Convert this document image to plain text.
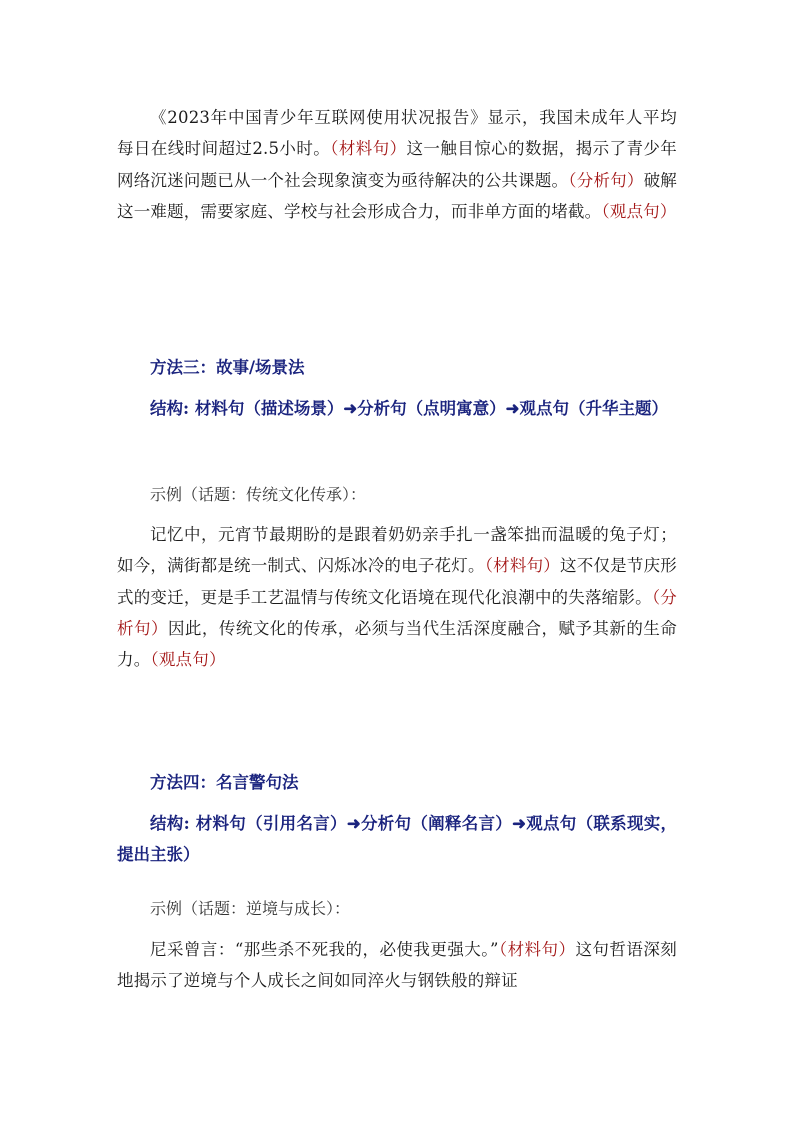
《2023年中国青少年互联网使用状况报告》显示，我国未成年人平均每日在线时间超过2.5小时。（材料句）这一触目惊心的数据，揭示了青少年网络沉迷问题已从一个社会现象演变为亟待解决的公共课题。（分析句）破解这一难题，需要家庭、学校与社会形成合力，而非单方面的堵截。（观点句）

方法三：故事/场景法

结构: 材料句（描述场景）➜分析句（点明寓意）➜观点句（升华主题）

示例（话题：传统文化传承）：

记忆中，元宵节最期盼的是跟着奶奶亲手扎一盏笨拙而温暖的兔子灯；如今，满街都是统一制式、闪烁冰冷的电子花灯。（材料句）这不仅是节庆形式的变迁，更是手工艺温情与传统文化语境在现代化浪潮中的失落缩影。（分析句）因此，传统文化的传承，必须与当代生活深度融合，赋予其新的生命力。（观点句）

方法四：名言警句法

结构: 材料句（引用名言）➜分析句（阐释名言）➜观点句（联系现实，提出主张）

示例（话题：逆境与成长）：

尼采曾言：“那些杀不死我的，必使我更强大。”（材料句）这句哲语深刻地揭示了逆境与个人成长之间如同淬火与钢铁般的辩证
